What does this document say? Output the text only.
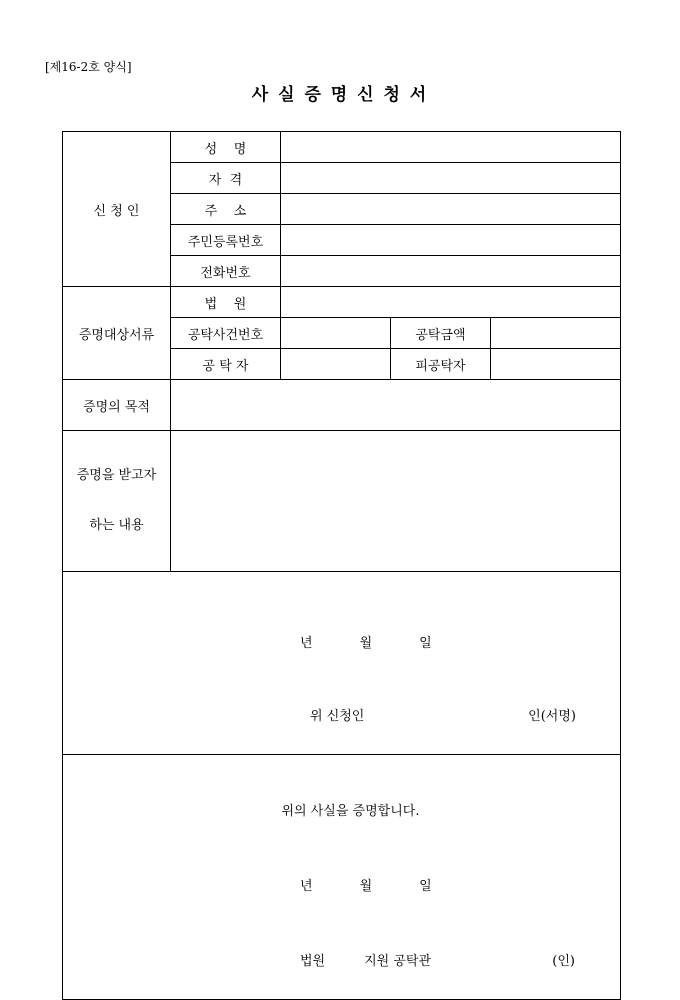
[제16-2호 양식]
사 실 증 명 신 청 서
신 청 인	성    명			
	자  격			
	주    소			
	주민등록번호			
	전화번호			
증명대상서류	법    원			
	공탁사건번호		공탁금액	
	공 탁 자		피공탁자	
증명의 목적				

증명을 받고자

하는 내용				

년 월 일

위 신청인 인(서명)				

위의 사실을 증명합니다.

년	월	일

법원	지원 공탁관	(인)
